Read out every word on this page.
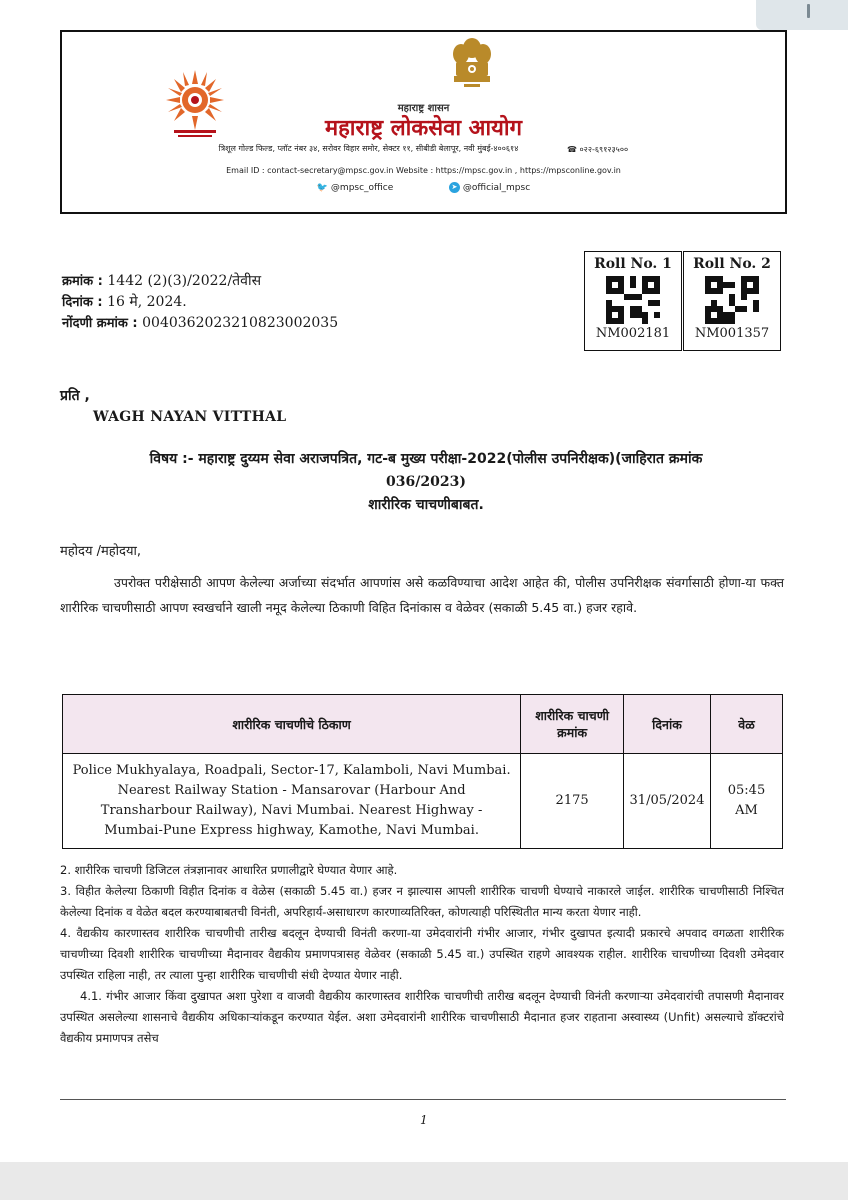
महाराष्ट्र शासन
महाराष्ट्र लोकसेवा आयोग
त्रिशूल गोल्ड फिल्ड, प्लॉट नंबर ३४, सरोवर विहार समोर, सेक्टर ११, सीबीडी बेलापूर, नवी मुंबई-४००६१४	☎ ०२२-६९१२३५००
Email ID : contact-secretary@mpsc.gov.in Website : https://mpsc.gov.in , https://mpsconline.gov.in
🐦 @mpsc_office	➤ @official_mpsc
Roll No. 1
NM002181
Roll No. 2
NM001357
क्रमांक : 1442 (2)(3)/2022/तेवीस
दिनांक : 16 मे, 2024.
नोंदणी क्रमांक : 0040362023210823002035
प्रति ,
WAGH NAYAN VITTHAL
विषय :- महाराष्ट्र दुय्यम सेवा अराजपत्रित, गट-ब मुख्य परीक्षा-2022(पोलीस उपनिरीक्षक)(जाहिरात क्रमांक
036/2023)
शारीरिक चाचणीबाबत.
महोदय /महोदया,
उपरोक्त परीक्षेसाठी आपण केलेल्या अर्जाच्या संदर्भात आपणांस असे कळविण्याचा आदेश आहेत की, पोलीस उपनिरीक्षक संवर्गासाठी होणा-या फक्त शारीरिक चाचणीसाठी आपण स्वखर्चाने खाली नमूद केलेल्या ठिकाणी विहित दिनांकास व वेळेवर (सकाळी 5.45 वा.) हजर रहावे.
शारीरिक चाचणीचे ठिकाण	शारीरिक चाचणी क्रमांक	दिनांक	वेळ
Police Mukhyalaya, Roadpali, Sector-17, Kalamboli, Navi Mumbai. Nearest Railway Station - Mansarovar (Harbour And Transharbour Railway), Navi Mumbai. Nearest Highway - Mumbai-Pune Express highway, Kamothe, Navi Mumbai.	2175	31/05/2024	05:45 AM

2. शारीरिक चाचणी डिजिटल तंत्रज्ञानावर आधारित प्रणालीद्वारे घेण्यात येणार आहे.

3. विहीत केलेल्या ठिकाणी विहीत दिनांक व वेळेस (सकाळी 5.45 वा.) हजर न झाल्यास आपली शारीरिक चाचणी घेण्याचे नाकारले जाईल. शारीरिक चाचणीसाठी निश्चित केलेल्या दिनांक व वेळेत बदल करण्याबाबतची विनंती, अपरिहार्य-असाधारण कारणाव्यतिरिक्त, कोणत्याही परिस्थितीत मान्य करता येणार नाही.

4. वैद्यकीय कारणास्तव शारीरिक चाचणीची तारीख बदलून देण्याची विनंती करणा-या उमेदवारांनी गंभीर आजार, गंभीर दुखापत इत्यादी प्रकारचे अपवाद वगळता शारीरिक चाचणीच्या दिवशी शारीरिक चाचणीच्या मैदानावर वैद्यकीय प्रमाणपत्रासह वेळेवर (सकाळी 5.45 वा.) उपस्थित राहणे आवश्यक राहील. शारीरिक चाचणीच्या दिवशी उमेदवार उपस्थित राहिला नाही, तर त्याला पुन्हा शारीरिक चाचणीची संधी देण्यात येणार नाही.

4.1. गंभीर आजार किंवा दुखापत अशा पुरेशा व वाजवी वैद्यकीय कारणास्तव शारीरिक चाचणीची तारीख बदलून देण्याची विनंती करणाऱ्या उमेदवारांची तपासणी मैदानावर उपस्थित असलेल्या शासनाचे वैद्यकीय अधिकाऱ्यांकडून करण्यात येईल. अशा उमेदवारांनी शारीरिक चाचणीसाठी मैदानात हजर राहताना अस्वास्थ्य (Unfit) असल्याचे डॉक्टरांचे वैद्यकीय प्रमाणपत्र तसेच

1
